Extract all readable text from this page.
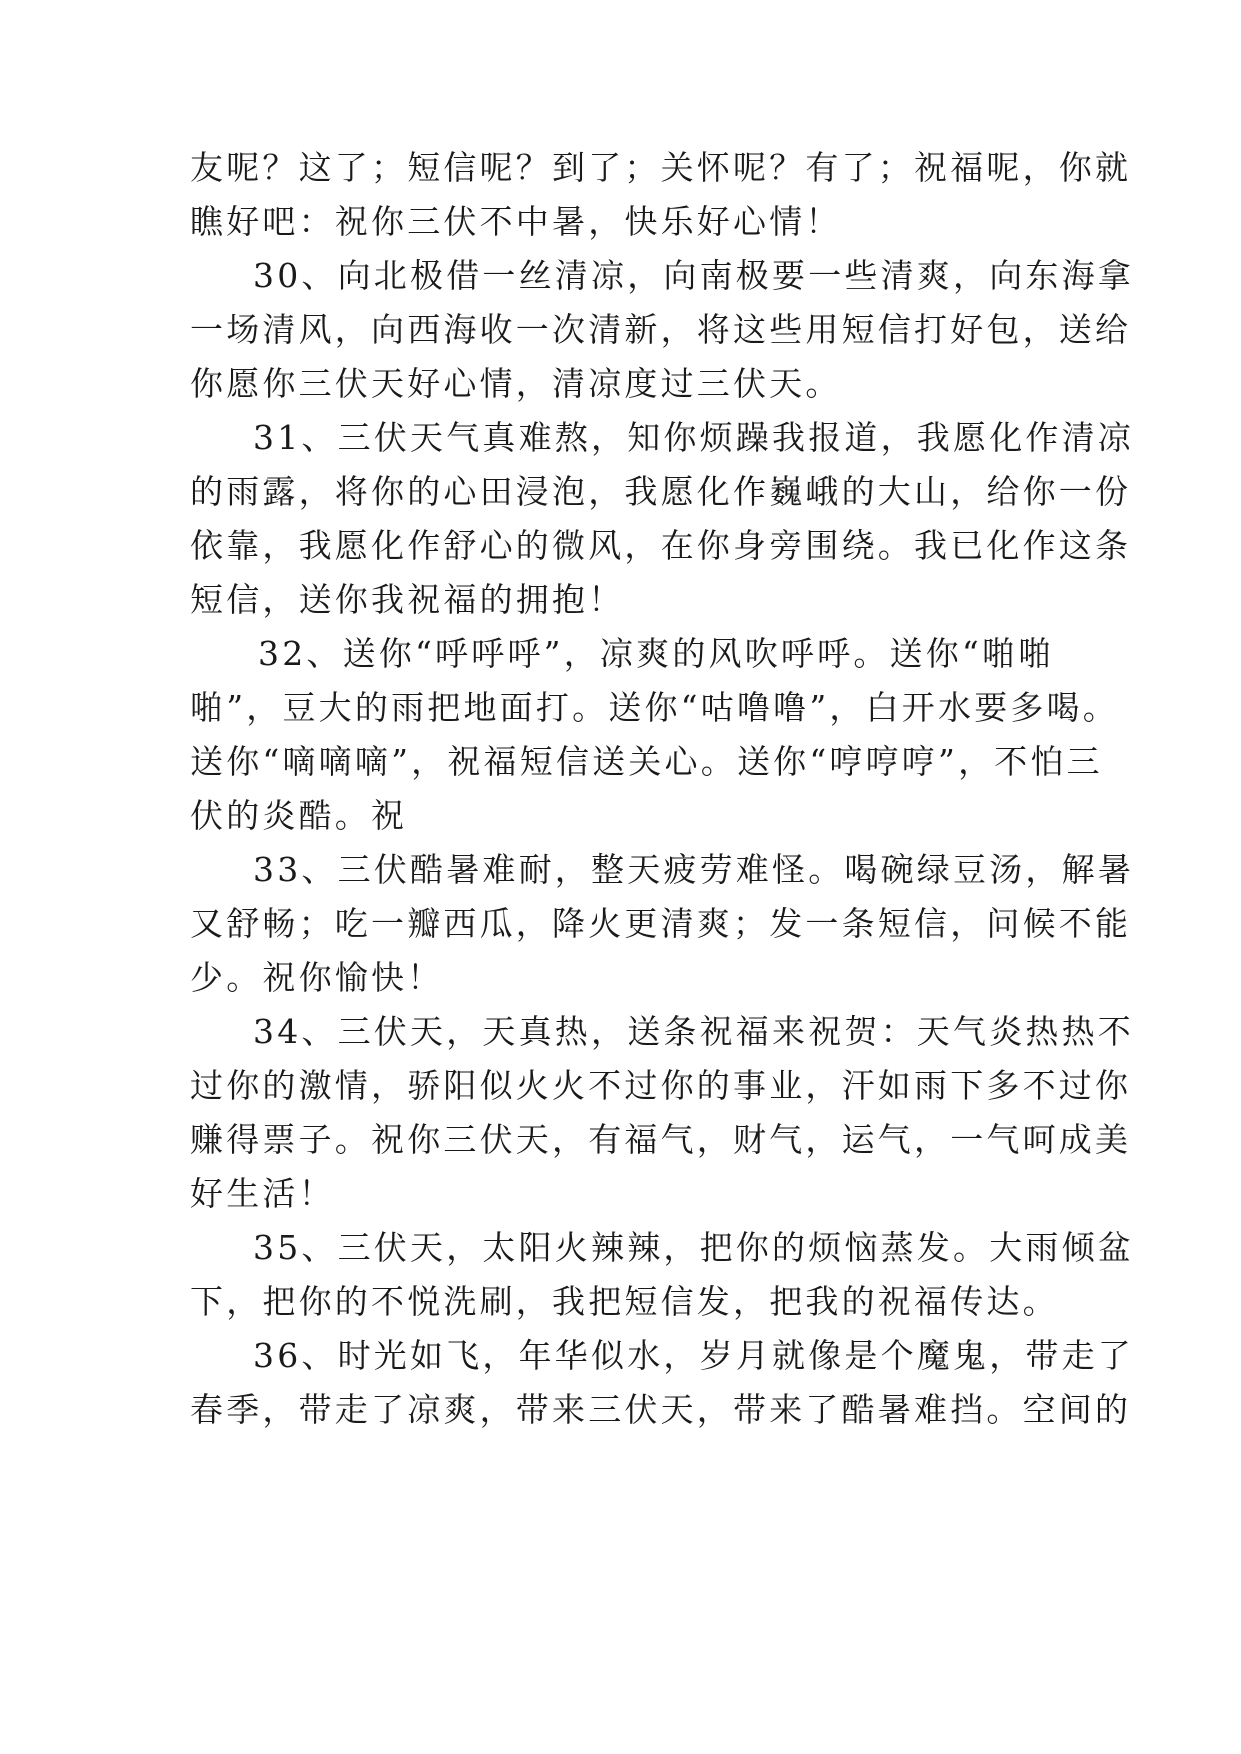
友呢？这了；短信呢？到了；关怀呢？有了；祝福呢，你就
瞧好吧：祝你三伏不中暑，快乐好心情！
30、向北极借一丝清凉，向南极要一些清爽，向东海拿
一场清风，向西海收一次清新，将这些用短信打好包，送给
你愿你三伏天好心情，清凉度过三伏天。
31、三伏天气真难熬，知你烦躁我报道，我愿化作清凉
的雨露，将你的心田浸泡，我愿化作巍峨的大山，给你一份
依靠，我愿化作舒心的微风，在你身旁围绕。我已化作这条
短信，送你我祝福的拥抱！
32、送你“呼呼呼”，凉爽的风吹呼呼。送你“啪啪
啪”，豆大的雨把地面打。送你“咕噜噜”，白开水要多喝。
送你“嘀嘀嘀”，祝福短信送关心。送你“哼哼哼”，不怕三
伏的炎酷。祝
33、三伏酷暑难耐，整天疲劳难怪。喝碗绿豆汤，解暑
又舒畅；吃一瓣西瓜，降火更清爽；发一条短信，问候不能
少。祝你愉快！
34、三伏天，天真热，送条祝福来祝贺：天气炎热热不
过你的激情，骄阳似火火不过你的事业，汗如雨下多不过你
赚得票子。祝你三伏天，有福气，财气，运气，一气呵成美
好生活！
35、三伏天，太阳火辣辣，把你的烦恼蒸发。大雨倾盆
下，把你的不悦洗刷，我把短信发，把我的祝福传达。
36、时光如飞，年华似水，岁月就像是个魔鬼，带走了
春季，带走了凉爽，带来三伏天，带来了酷暑难挡。空间的
